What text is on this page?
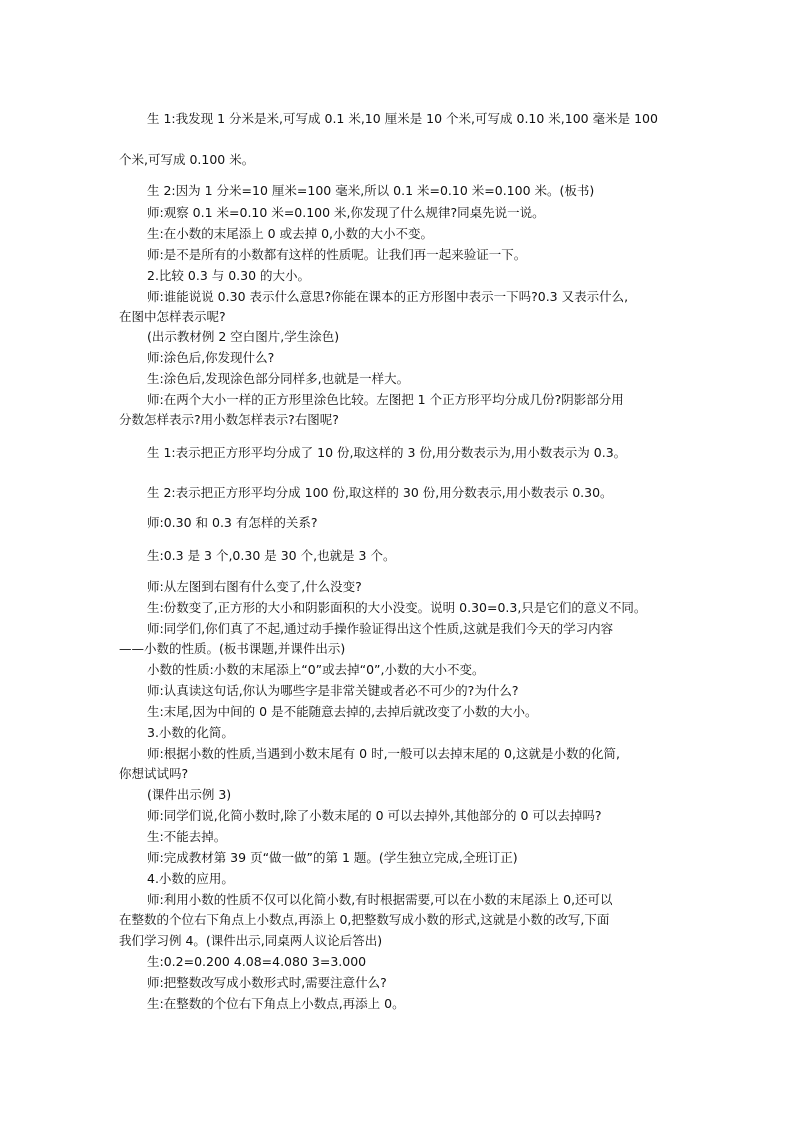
生 1:我发现 1 分米是米,可写成 0.1 米,10 厘米是 10 个米,可写成 0.10 米,100 毫米是 100
个米,可写成 0.100 米。
生 2:因为 1 分米=10 厘米=100 毫米,所以 0.1 米=0.10 米=0.100 米。(板书)
师:观察 0.1 米=0.10 米=0.100 米,你发现了什么规律?同桌先说一说。
生:在小数的末尾添上 0 或去掉 0,小数的大小不变。
师:是不是所有的小数都有这样的性质呢。让我们再一起来验证一下。
2.比较 0.3 与 0.30 的大小。
师:谁能说说 0.30 表示什么意思?你能在课本的正方形图中表示一下吗?0.3 又表示什么,
在图中怎样表示呢?
(出示教材例 2 空白图片,学生涂色)
师:涂色后,你发现什么?
生:涂色后,发现涂色部分同样多,也就是一样大。
师:在两个大小一样的正方形里涂色比较。左图把 1 个正方形平均分成几份?阴影部分用
分数怎样表示?用小数怎样表示?右图呢?
生 1:表示把正方形平均分成了 10 份,取这样的 3 份,用分数表示为,用小数表示为 0.3。
生 2:表示把正方形平均分成 100 份,取这样的 30 份,用分数表示,用小数表示 0.30。
师:0.30 和 0.3 有怎样的关系?
生:0.3 是 3 个,0.30 是 30 个,也就是 3 个。
师:从左图到右图有什么变了,什么没变?
生:份数变了,正方形的大小和阴影面积的大小没变。说明 0.30=0.3,只是它们的意义不同。
师:同学们,你们真了不起,通过动手操作验证得出这个性质,这就是我们今天的学习内容
——小数的性质。(板书课题,并课件出示)
小数的性质:小数的末尾添上“0”或去掉“0”,小数的大小不变。
师:认真读这句话,你认为哪些字是非常关键或者必不可少的?为什么?
生:末尾,因为中间的 0 是不能随意去掉的,去掉后就改变了小数的大小。
3.小数的化简。
师:根据小数的性质,当遇到小数末尾有 0 时,一般可以去掉末尾的 0,这就是小数的化简,
你想试试吗?
(课件出示例 3)
师:同学们说,化简小数时,除了小数末尾的 0 可以去掉外,其他部分的 0 可以去掉吗?
生:不能去掉。
师:完成教材第 39 页“做一做”的第 1 题。(学生独立完成,全班订正)
4.小数的应用。
师:利用小数的性质不仅可以化简小数,有时根据需要,可以在小数的末尾添上 0,还可以
在整数的个位右下角点上小数点,再添上 0,把整数写成小数的形式,这就是小数的改写,下面
我们学习例 4。(课件出示,同桌两人议论后答出)
生:0.2=0.200 4.08=4.080 3=3.000
师:把整数改写成小数形式时,需要注意什么?
生:在整数的个位右下角点上小数点,再添上 0。
